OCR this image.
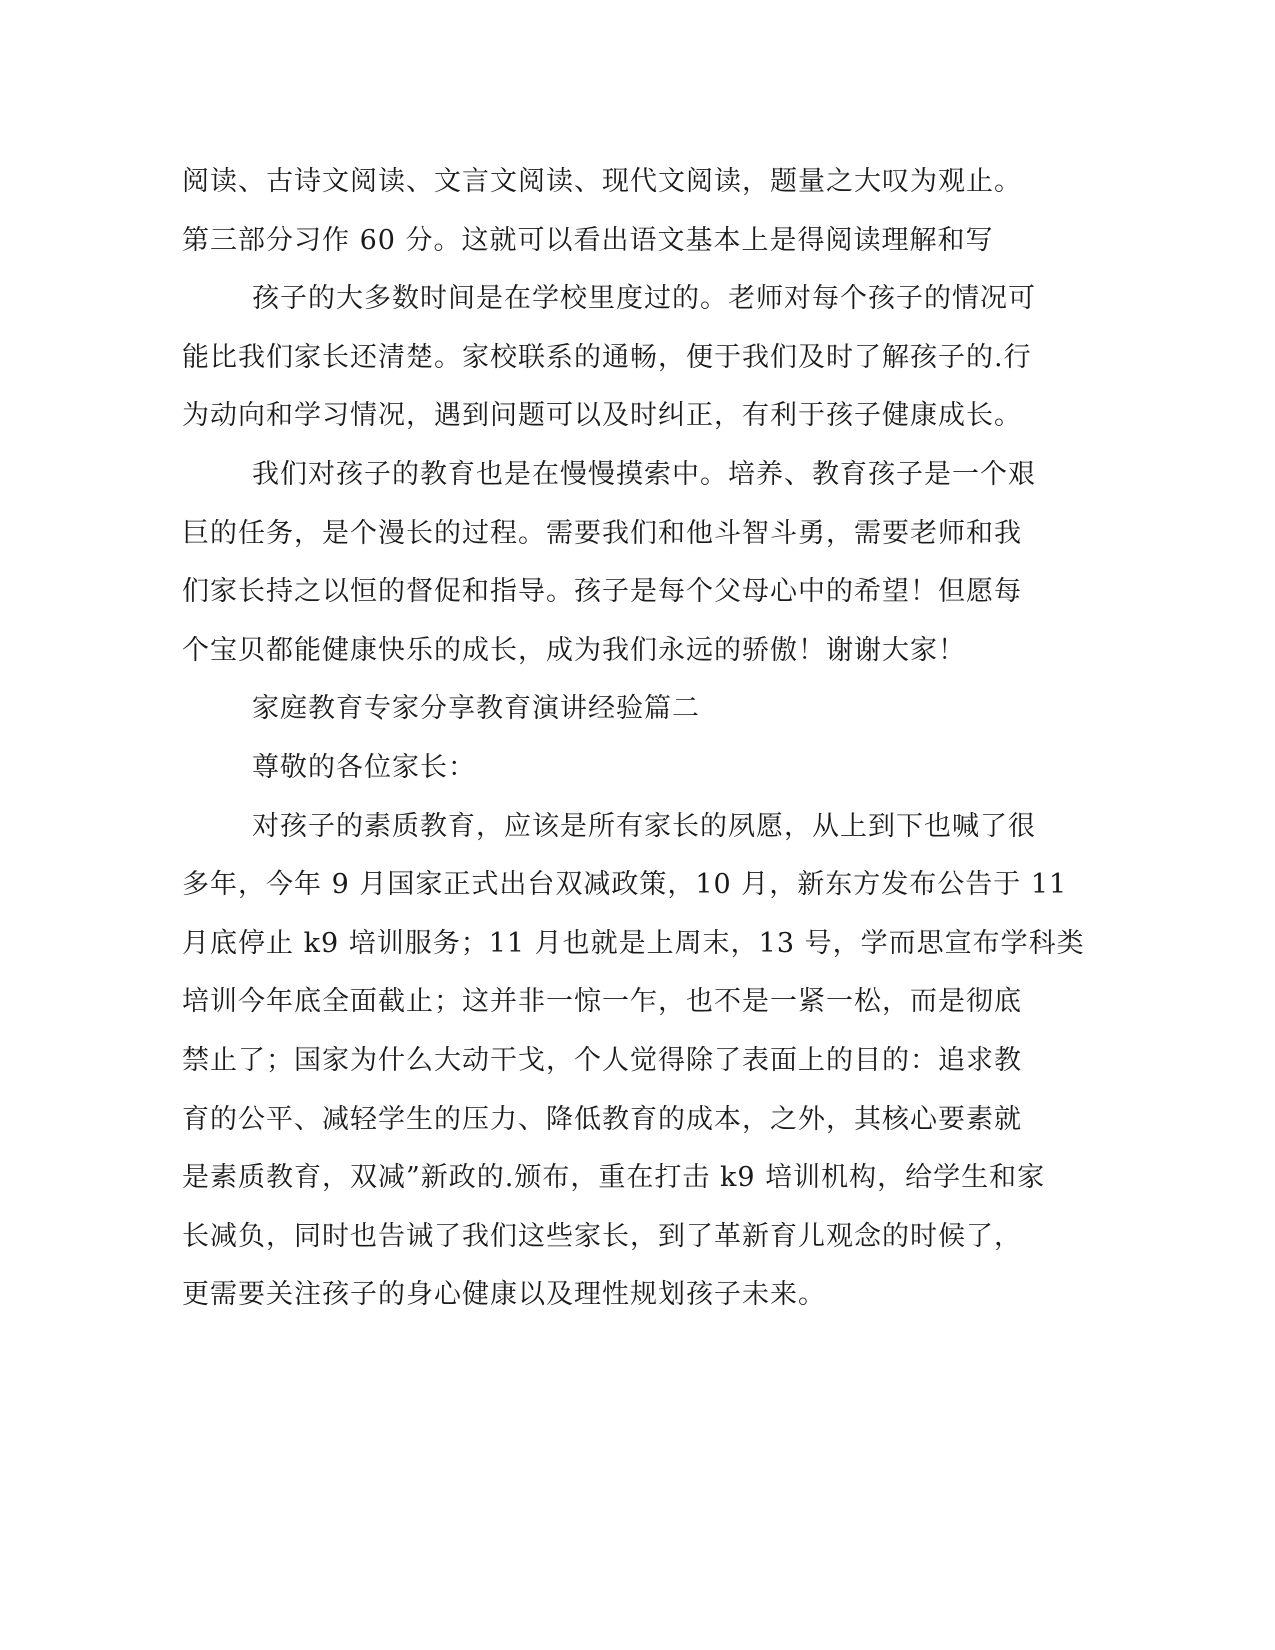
阅读、古诗文阅读、文言文阅读、现代文阅读，题量之大叹为观止。
第三部分习作 60 分。这就可以看出语文基本上是得阅读理解和写
孩子的大多数时间是在学校里度过的。老师对每个孩子的情况可
能比我们家长还清楚。家校联系的通畅，便于我们及时了解孩子的.行
为动向和学习情况，遇到问题可以及时纠正，有利于孩子健康成长。
我们对孩子的教育也是在慢慢摸索中。培养、教育孩子是一个艰
巨的任务，是个漫长的过程。需要我们和他斗智斗勇，需要老师和我
们家长持之以恒的督促和指导。孩子是每个父母心中的希望！但愿每
个宝贝都能健康快乐的成长，成为我们永远的骄傲！谢谢大家！
家庭教育专家分享教育演讲经验篇二
尊敬的各位家长：
对孩子的素质教育，应该是所有家长的夙愿，从上到下也喊了很
多年，今年 9 月国家正式出台双减政策，10 月，新东方发布公告于 11
月底停止 k9 培训服务；11 月也就是上周末，13 号，学而思宣布学科类
培训今年底全面截止；这并非一惊一乍，也不是一紧一松，而是彻底
禁止了；国家为什么大动干戈，个人觉得除了表面上的目的：追求教
育的公平、减轻学生的压力、降低教育的成本，之外，其核心要素就
是素质教育，双减”新政的.颁布，重在打击 k9 培训机构，给学生和家
长减负，同时也告诫了我们这些家长，到了革新育儿观念的时候了，
更需要关注孩子的身心健康以及理性规划孩子未来。
